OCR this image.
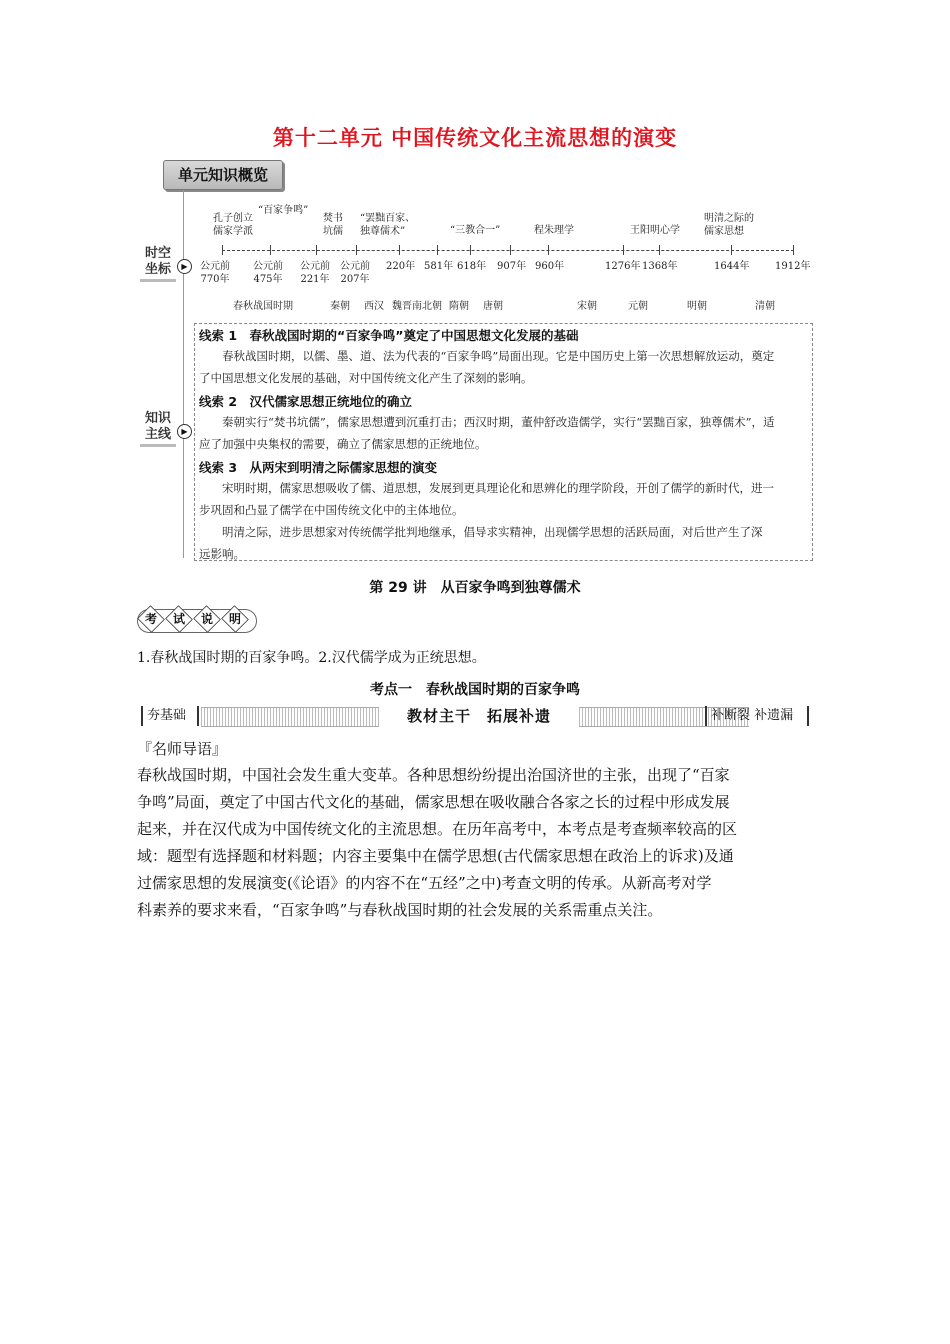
第十二单元 中国传统文化主流思想的演变
单元知识概览
时空
坐标	▶
知识
主线	▶
孔子创立
儒家学派
“百家争鸣”
焚书
坑儒
“罢黜百家、
独尊儒术”	“三教合一”	程朱理学	王阳明心学
明清之际的
儒家思想
公元前
770年
公元前
475年
公元前
221年
公元前
207年
220年 581年 618年 907年 960年	1276年 1368年	1644年	1912年
春秋战国时期	秦朝 西汉 魏晋南北朝 隋朝 唐朝	宋朝	元朝	明朝	清朝
线索 1　春秋战国时期的“百家争鸣”奠定了中国思想文化发展的基础
　　春秋战国时期，以儒、墨、道、法为代表的“百家争鸣”局面出现。它是中国历史上第一次思想解放运动，奠定
了中国思想文化发展的基础，对中国传统文化产生了深刻的影响。
线索 2　汉代儒家思想正统地位的确立
　　秦朝实行“焚书坑儒”，儒家思想遭到沉重打击；西汉时期，董仲舒改造儒学，实行“罢黜百家，独尊儒术”，适
应了加强中央集权的需要，确立了儒家思想的正统地位。
线索 3　从两宋到明清之际儒家思想的演变
　　宋明时期，儒家思想吸收了儒、道思想，发展到更具理论化和思辨化的理学阶段，开创了儒学的新时代，进一
步巩固和凸显了儒学在中国传统文化中的主体地位。
　　明清之际，进步思想家对传统儒学批判地继承，倡导求实精神，出现儒学思想的活跃局面，对后世产生了深
远影响。
第 29 讲　从百家争鸣到独尊儒术
考	试	说	明
1.春秋战国时期的百家争鸣。2.汉代儒学成为正统思想。
考点一　春秋战国时期的百家争鸣
夯基础	教材主干　拓展补遗	补断裂 补遗漏
『名师导语』
春秋战国时期，中国社会发生重大变革。各种思想纷纷提出治国济世的主张，出现了“百家
争鸣”局面，奠定了中国古代文化的基础，儒家思想在吸收融合各家之长的过程中形成发展
起来，并在汉代成为中国传统文化的主流思想。在历年高考中，本考点是考查频率较高的区
域：题型有选择题和材料题；内容主要集中在儒学思想(古代儒家思想在政治上的诉求)及通
过儒家思想的发展演变(《论语》的内容不在“五经”之中)考查文明的传承。从新高考对学
科素养的要求来看，“百家争鸣”与春秋战国时期的社会发展的关系需重点关注。
